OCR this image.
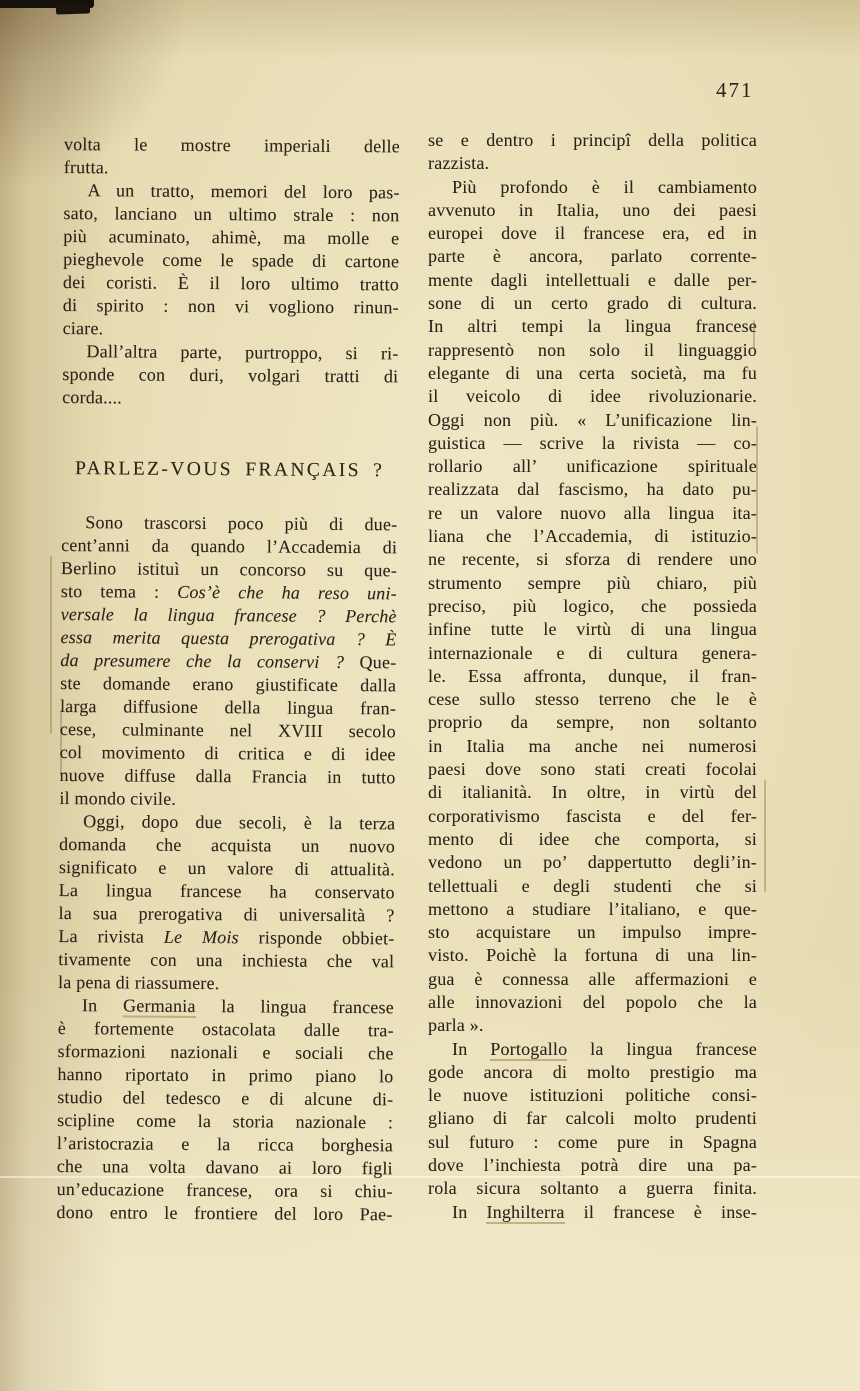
471
volta le mostre imperiali delle
frutta.
A un tratto, memori del loro pas-
sato, lanciano un ultimo strale : non
più acuminato, ahimè, ma molle e
pieghevole come le spade di cartone
dei coristi. È il loro ultimo tratto
di spirito : non vi vogliono rinun-
ciare.
Dall’altra parte, purtroppo, si ri-
sponde con duri, volgari tratti di
corda....
PARLEZ-VOUS FRANÇAIS ?
Sono trascorsi poco più di due-
cent’anni da quando l’Accademia di
Berlino istituì un concorso su que-
sto tema : Cos’è che ha reso uni-
versale la lingua francese ? Perchè
essa merita questa prerogativa ? È
da presumere che la conservi ? Que-
ste domande erano giustificate dalla
larga diffusione della lingua fran-
cese, culminante nel XVIII secolo
col movimento di critica e di idee
nuove diffuse dalla Francia in tutto
il mondo civile.
Oggi, dopo due secoli, è la terza
domanda che acquista un nuovo
significato e un valore di attualità.
La lingua francese ha conservato
la sua prerogativa di universalità ?
La rivista Le Mois risponde obbiet-
tivamente con una inchiesta che val
la pena di riassumere.
In Germania la lingua francese
è fortemente ostacolata dalle tra-
sformazioni nazionali e sociali che
hanno riportato in primo piano lo
studio del tedesco e di alcune di-
scipline come la storia nazionale :
l’aristocrazia e la ricca borghesia
che una volta davano ai loro figli
un’educazione francese, ora si chiu-
dono entro le frontiere del loro Pae-
se e dentro i principî della politica
razzista.
Più profondo è il cambiamento
avvenuto in Italia, uno dei paesi
europei dove il francese era, ed in
parte è ancora, parlato corrente-
mente dagli intellettuali e dalle per-
sone di un certo grado di cultura.
In altri tempi la lingua francese
rappresentò non solo il linguaggio
elegante di una certa società, ma fu
il veicolo di idee rivoluzionarie.
Oggi non più. « L’unificazione lin-
guistica — scrive la rivista — co-
rollario all’ unificazione spirituale
realizzata dal fascismo, ha dato pu-
re un valore nuovo alla lingua ita-
liana che l’Accademia, di istituzio-
ne recente, si sforza di rendere uno
strumento sempre più chiaro, più
preciso, più logico, che possieda
infine tutte le virtù di una lingua
internazionale e di cultura genera-
le. Essa affronta, dunque, il fran-
cese sullo stesso terreno che le è
proprio da sempre, non soltanto
in Italia ma anche nei numerosi
paesi dove sono stati creati focolai
di italianità. In oltre, in virtù del
corporativismo fascista e del fer-
mento di idee che comporta, si
vedono un po’ dappertutto degli’in-
tellettuali e degli studenti che si
mettono a studiare l’italiano, e que-
sto acquistare un impulso impre-
visto. Poichè la fortuna di una lin-
gua è connessa alle affermazioni e
alle innovazioni del popolo che la
parla ».
In Portogallo la lingua francese
gode ancora di molto prestigio ma
le nuove istituzioni politiche consi-
gliano di far calcoli molto prudenti
sul futuro : come pure in Spagna
dove l’inchiesta potrà dire una pa-
rola sicura soltanto a guerra finita.
In Inghilterra il francese è inse-
